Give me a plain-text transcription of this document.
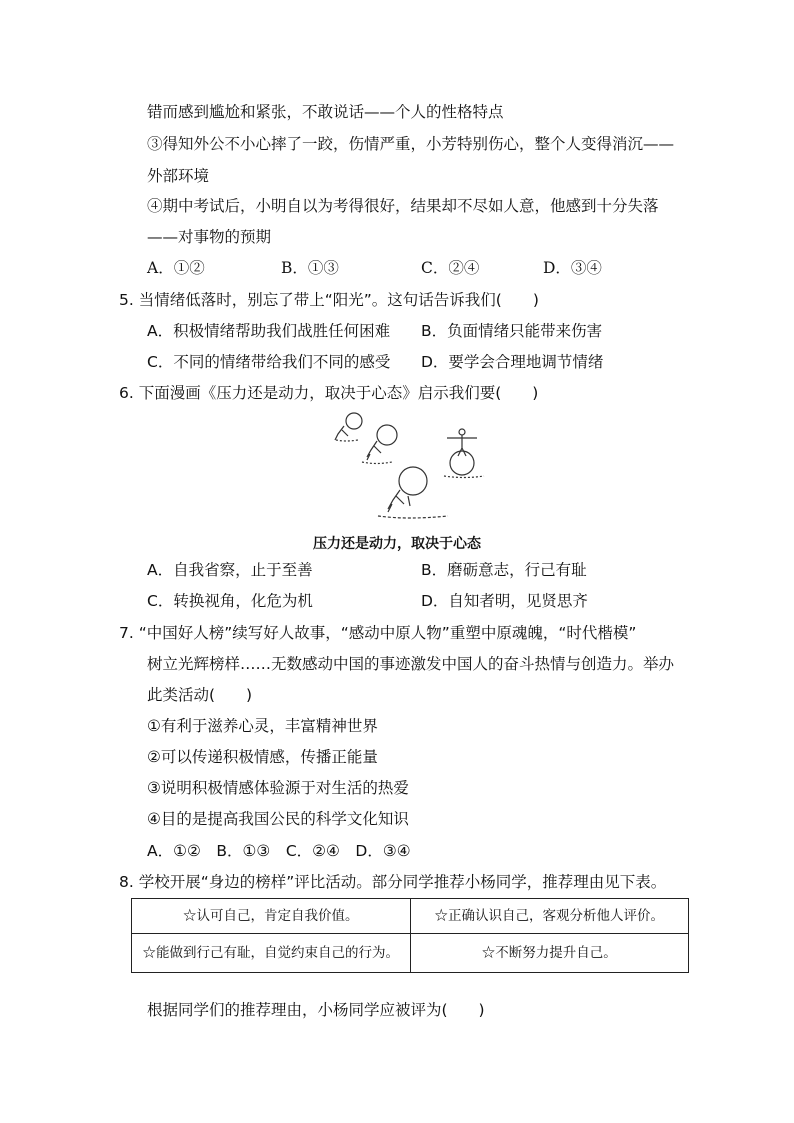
错而感到尴尬和紧张，不敢说话——个人的性格特点
③得知外公不小心摔了一跤，伤情严重，小芳特别伤心，整个人变得消沉——
外部环境
④期中考试后，小明自以为考得很好，结果却不尽如人意，他感到十分失落
——对事物的预期
A．①②	B．①③	C．②④	D．③④
5. 当情绪低落时，别忘了带上“阳光”。这句话告诉我们(　　)
A．积极情绪帮助我们战胜任何困难 B．负面情绪只能带来伤害
C．不同的情绪带给我们不同的感受 D．要学会合理地调节情绪
6. 下面漫画《压力还是动力，取决于心态》启示我们要(　　)
压力还是动力，取决于心态
A．自我省察，止于至善	B．磨砺意志，行己有耻
C．转换视角，化危为机	D．自知者明，见贤思齐
7. “中国好人榜”续写好人故事，“感动中原人物”重塑中原魂魄，“时代楷模”
树立光辉榜样……无数感动中国的事迹激发中国人的奋斗热情与创造力。举办
此类活动(　　)
①有利于滋养心灵，丰富精神世界
②可以传递积极情感，传播正能量
③说明积极情感体验源于对生活的热爱
④目的是提高我国公民的科学文化知识
A．①②　B．①③　C．②④　D．③④
8. 学校开展“身边的榜样”评比活动。部分同学推荐小杨同学，推荐理由见下表。
☆认可自己，肯定自我价值。	☆正确认识自己，客观分析他人评价。
☆能做到行己有耻，自觉约束自己的行为。	☆不断努力提升自己。
根据同学们的推荐理由，小杨同学应被评为(　　)
